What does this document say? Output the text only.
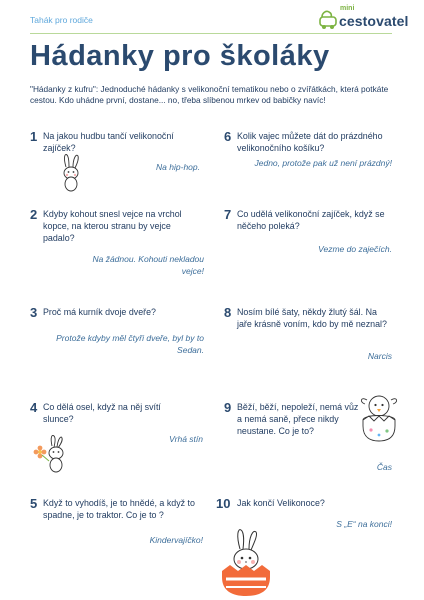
Tahák pro rodiče
mini
cestovatel
Hádanky pro školáky
"Hádanky z kufru": Jednoduché hádanky s velikonoční tematikou nebo o zvířátkách, která potkáte cestou. Kdo uhádne první, dostane... no, třeba slíbenou mrkev od babičky navíc!
1 Na jakou hudbu tančí velikonoční zajíček?
Na hip-hop.
2 Kdyby kohout snesl vejce na vrchol kopce, na kterou stranu by vejce padalo?
Na žádnou. Kohouti nekladou vejce!
3 Proč má kurník dvoje dveře?
Protože kdyby měl čtyři dveře, byl by to Sedan.
4 Co dělá osel, když na něj svítí slunce?
Vrhá stín
5 Když to vyhodíš, je to hnědé, a když to spadne, je to traktor. Co je to ?
Kindervajíčko!
6 Kolik vajec můžete dát do prázdného velikonočního košíku?
Jedno, protože pak už není prázdný!
7 Co udělá velikonoční zajíček, když se něčeho poleká?
Vezme do zaječích.
8 Nosím bílé šaty, někdy žlutý šál. Na jaře krásně voním, kdo by mě neznal?
Narcis
9 Běží, běží, nepoleží, nemá vůz a nemá saně, přece nikdy neustane. Co je to?
Čas
10 Jak končí Velikonoce?
S „E“ na konci!
